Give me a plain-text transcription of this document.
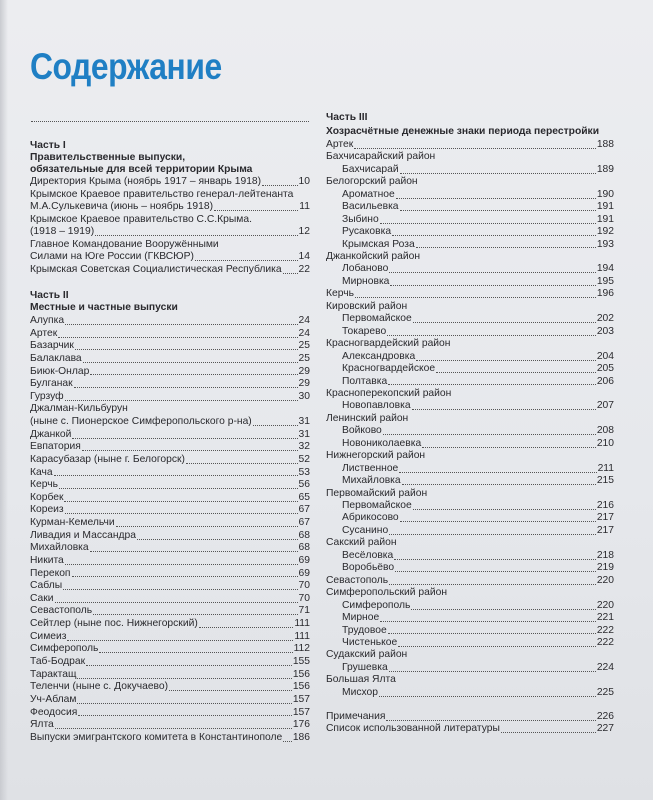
Содержание
Часть I
Правительственные выпуски,
обязательные для всей территории Крыма
Директория Крыма (ноябрь 1917 – январь 1918)	10
Крымское Краевое правительство генерал-лейтенанта
М.А.Сулькевича (июнь – ноябрь 1918)	11
Крымское Краевое правительство С.С.Крыма.
(1918 – 1919)	12
Главное Командование Вооружёнными
Силами на Юге России (ГКВСЮР)	14
Крымская Советская Социалистическая Республика 22
Часть II
Местные и частные выпуски
Алупка	24
Артек	24
Базарчик	25
Балаклава	25
Биюк-Онлар	29
Булганак	29
Гурзуф	30
Джалман-Кильбурун
(ныне с. Пионерское Симферопольского р-на)	31
Джанкой	31
Евпатория	32
Карасубазар (ныне г. Белогорск)	52
Кача	53
Керчь	56
Корбек	65
Кореиз	67
Курман-Кемельчи	67
Ливадия и Массандра	68
Михайловка	68
Никита	69
Перекоп	69
Саблы	70
Саки	70
Севастополь	71
Сейтлер (ныне пос. Нижнегорский)	111
Симеиз	111
Симферополь	112
Таб-Бодрак	155
Тарактащ	156
Теленчи (ныне с. Докучаево)	156
Уч-Аблам	157
Феодосия	157
Ялта	176
Выпуски эмигрантского комитета в Константинополе 186
Часть III
Хозрасчётные денежные знаки периода перестройки
Артек	188
Бахчисарайский район
Бахчисарай	189
Белогорский район
Ароматное	190
Васильевка	191
Зыбино	191
Русаковка	192
Крымская Роза	193
Джанкойский район
Лобаново	194
Мирновка	195
Керчь	196
Кировский район
Первомайское	202
Токарево	203
Красногвардейский район
Александровка	204
Красногвардейское	205
Полтавка	206
Красноперекопский район
Новопавловка	207
Ленинский район
Войково	208
Новониколаевка	210
Нижнегорский район
Лиственное	211
Михайловка	215
Первомайский район
Первомайское	216
Абрикосово	217
Сусанино	217
Сакский район
Весёловка	218
Воробьёво	219
Севастополь	220
Симферопольский район
Симферополь	220
Мирное	221
Трудовое	222
Чистенькое	222
Судакский район
Грушевка	224
Большая Ялта
Мисхор	225
Примечания	226
Список использованной литературы	227
